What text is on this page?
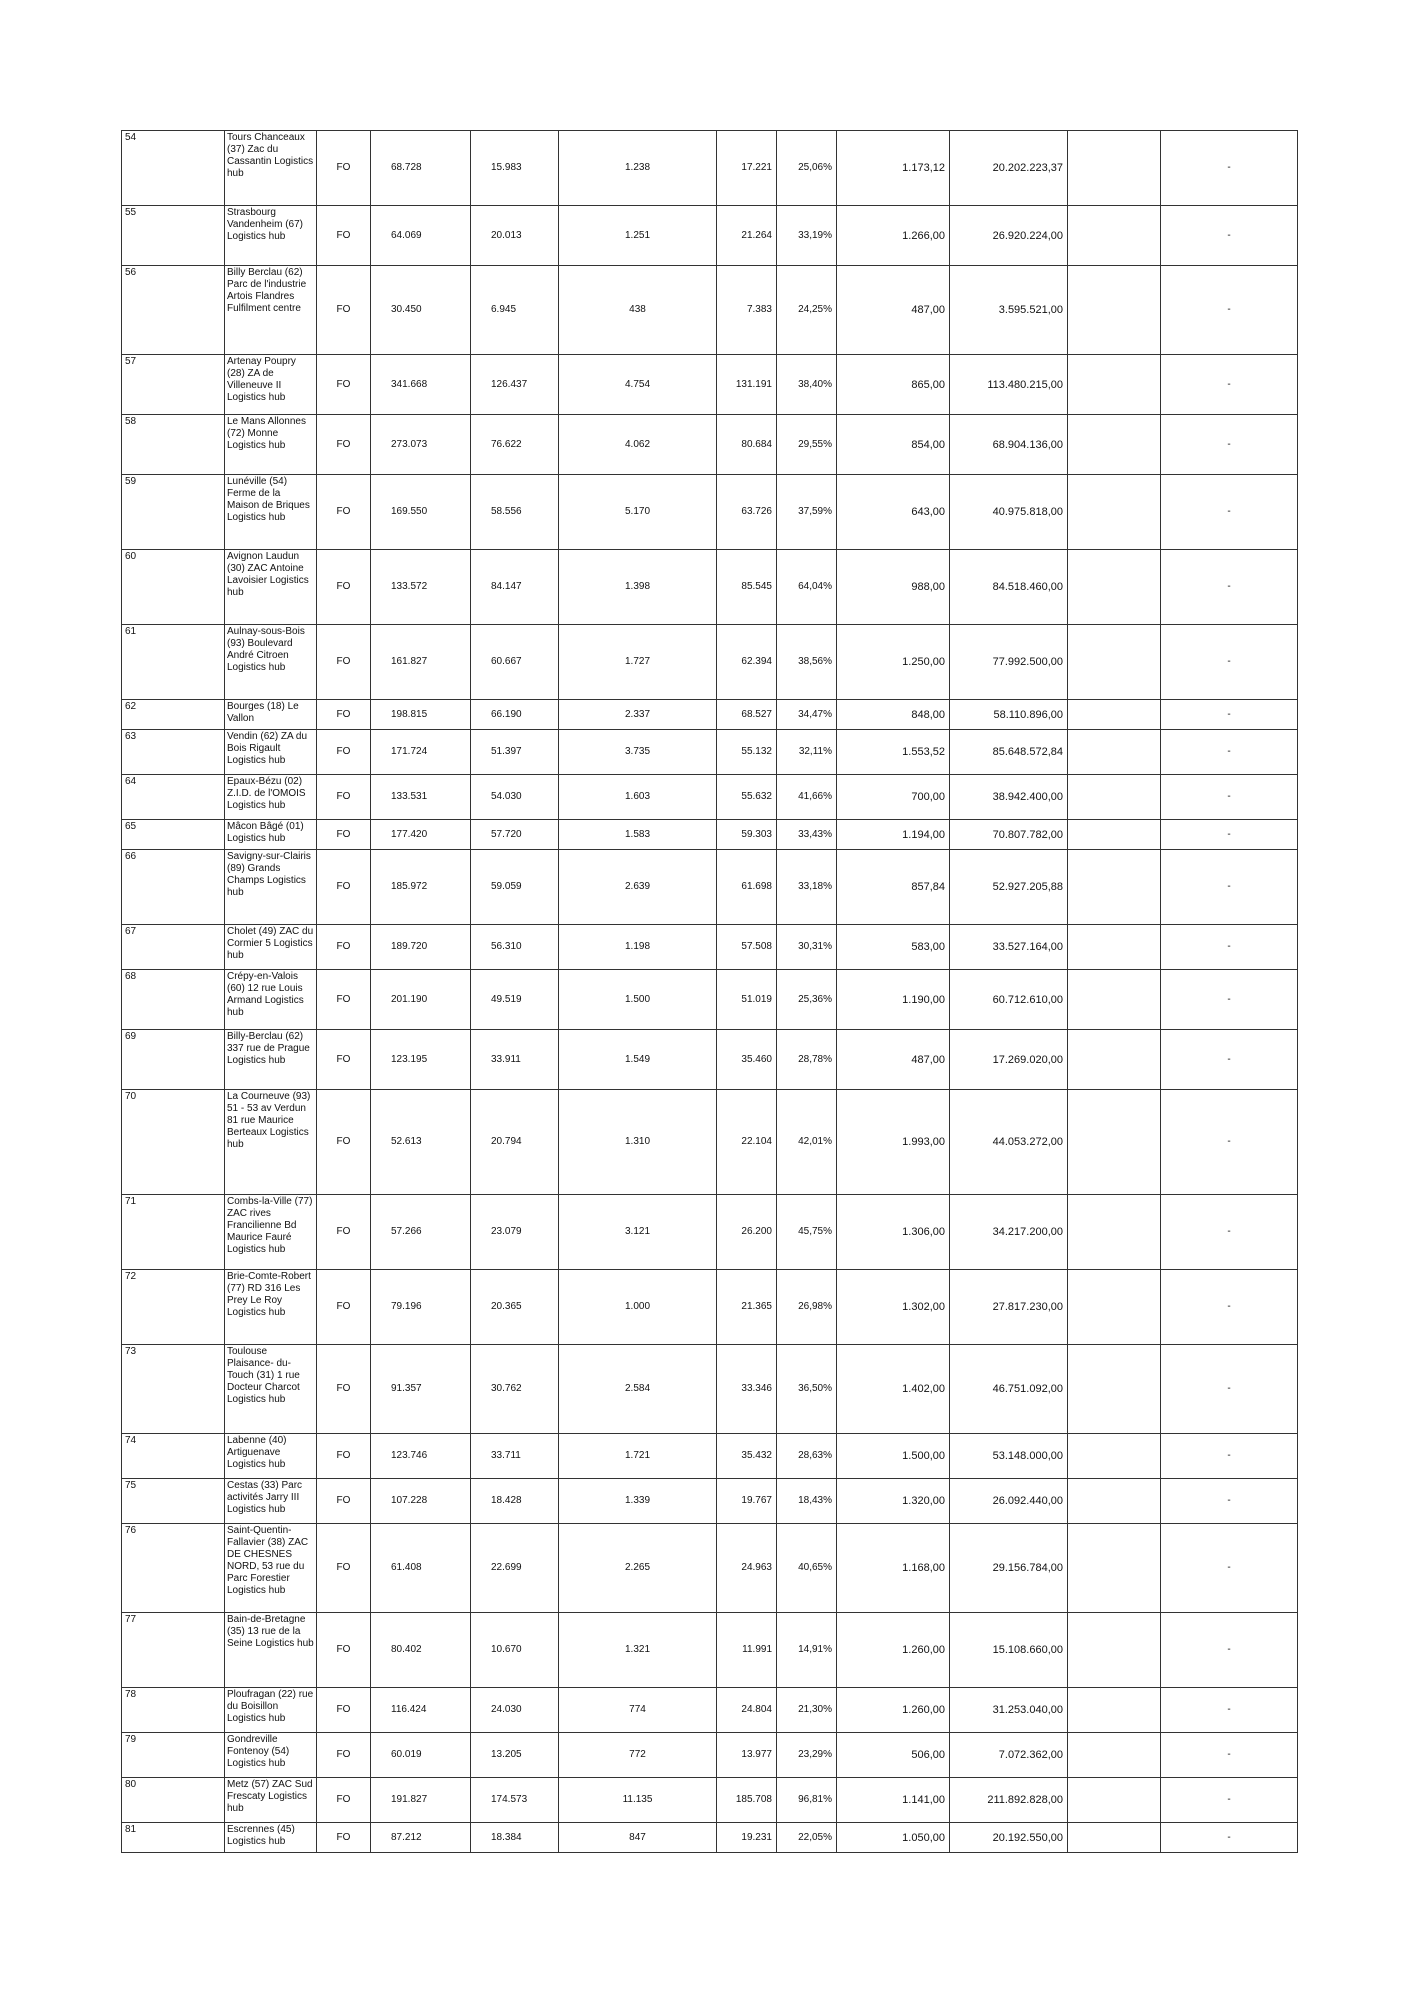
54	Tours Chanceaux (37) Zac du Cassantin Logistics hub	FO	68.728	15.983	1.238	17.221	25,06%	1.173,12	20.202.223,37		-
55	Strasbourg Vandenheim (67) Logistics hub	FO	64.069	20.013	1.251	21.264	33,19%	1.266,00	26.920.224,00		-
56	Billy Berclau (62) Parc de l'industrie Artois Flandres Fulfilment centre	FO	30.450	6.945	438	7.383	24,25%	487,00	3.595.521,00		-
57	Artenay Poupry (28) ZA de Villeneuve II Logistics hub	FO	341.668	126.437	4.754	131.191	38,40%	865,00	113.480.215,00		-
58	Le Mans Allonnes (72) Monne Logistics hub	FO	273.073	76.622	4.062	80.684	29,55%	854,00	68.904.136,00		-
59	Lunéville (54) Ferme de la Maison de Briques Logistics hub	FO	169.550	58.556	5.170	63.726	37,59%	643,00	40.975.818,00		-
60	Avignon Laudun (30) ZAC Antoine Lavoisier Logistics hub	FO	133.572	84.147	1.398	85.545	64,04%	988,00	84.518.460,00		-
61	Aulnay-sous-Bois (93) Boulevard André Citroen Logistics hub	FO	161.827	60.667	1.727	62.394	38,56%	1.250,00	77.992.500,00		-
62	Bourges (18) Le Vallon	FO	198.815	66.190	2.337	68.527	34,47%	848,00	58.110.896,00		-
63	Vendin (62) ZA du Bois Rigault Logistics hub	FO	171.724	51.397	3.735	55.132	32,11%	1.553,52	85.648.572,84		-
64	Epaux-Bézu (02) Z.I.D. de l'OMOIS Logistics hub	FO	133.531	54.030	1.603	55.632	41,66%	700,00	38.942.400,00		-
65	Mâcon Bâgé (01) Logistics hub	FO	177.420	57.720	1.583	59.303	33,43%	1.194,00	70.807.782,00		-
66	Savigny-sur-Clairis (89) Grands Champs Logistics hub	FO	185.972	59.059	2.639	61.698	33,18%	857,84	52.927.205,88		-
67	Cholet (49) ZAC du Cormier 5 Logistics hub	FO	189.720	56.310	1.198	57.508	30,31%	583,00	33.527.164,00		-
68	Crépy-en-Valois (60) 12 rue Louis Armand Logistics hub	FO	201.190	49.519	1.500	51.019	25,36%	1.190,00	60.712.610,00		-
69	Billy-Berclau (62) 337 rue de Prague Logistics hub	FO	123.195	33.911	1.549	35.460	28,78%	487,00	17.269.020,00		-
70	La Courneuve (93) 51 - 53 av Verdun 81 rue Maurice Berteaux Logistics hub	FO	52.613	20.794	1.310	22.104	42,01%	1.993,00	44.053.272,00		-
71	Combs-la-Ville (77) ZAC rives Francilienne Bd Maurice Fauré Logistics hub	FO	57.266	23.079	3.121	26.200	45,75%	1.306,00	34.217.200,00		-
72	Brie-Comte-Robert (77) RD 316 Les Prey Le Roy Logistics hub	FO	79.196	20.365	1.000	21.365	26,98%	1.302,00	27.817.230,00		-
73	Toulouse Plaisance- du-Touch (31) 1 rue Docteur Charcot Logistics hub	FO	91.357	30.762	2.584	33.346	36,50%	1.402,00	46.751.092,00		-
74	Labenne (40) Artiguenave Logistics hub	FO	123.746	33.711	1.721	35.432	28,63%	1.500,00	53.148.000,00		-
75	Cestas (33) Parc activités Jarry III Logistics hub	FO	107.228	18.428	1.339	19.767	18,43%	1.320,00	26.092.440,00		-
76	Saint-Quentin-Fallavier (38) ZAC DE CHESNES NORD, 53 rue du Parc Forestier Logistics hub	FO	61.408	22.699	2.265	24.963	40,65%	1.168,00	29.156.784,00		-
77	Bain-de-Bretagne (35) 13 rue de la Seine Logistics hub	FO	80.402	10.670	1.321	11.991	14,91%	1.260,00	15.108.660,00		-
78	Ploufragan (22) rue du Boisillon Logistics hub	FO	116.424	24.030	774	24.804	21,30%	1.260,00	31.253.040,00		-
79	Gondreville Fontenoy (54) Logistics hub	FO	60.019	13.205	772	13.977	23,29%	506,00	7.072.362,00		-
80	Metz (57) ZAC Sud Frescaty Logistics hub	FO	191.827	174.573	11.135	185.708	96,81%	1.141,00	211.892.828,00		-
81	Escrennes (45) Logistics hub	FO	87.212	18.384	847	19.231	22,05%	1.050,00	20.192.550,00		-
